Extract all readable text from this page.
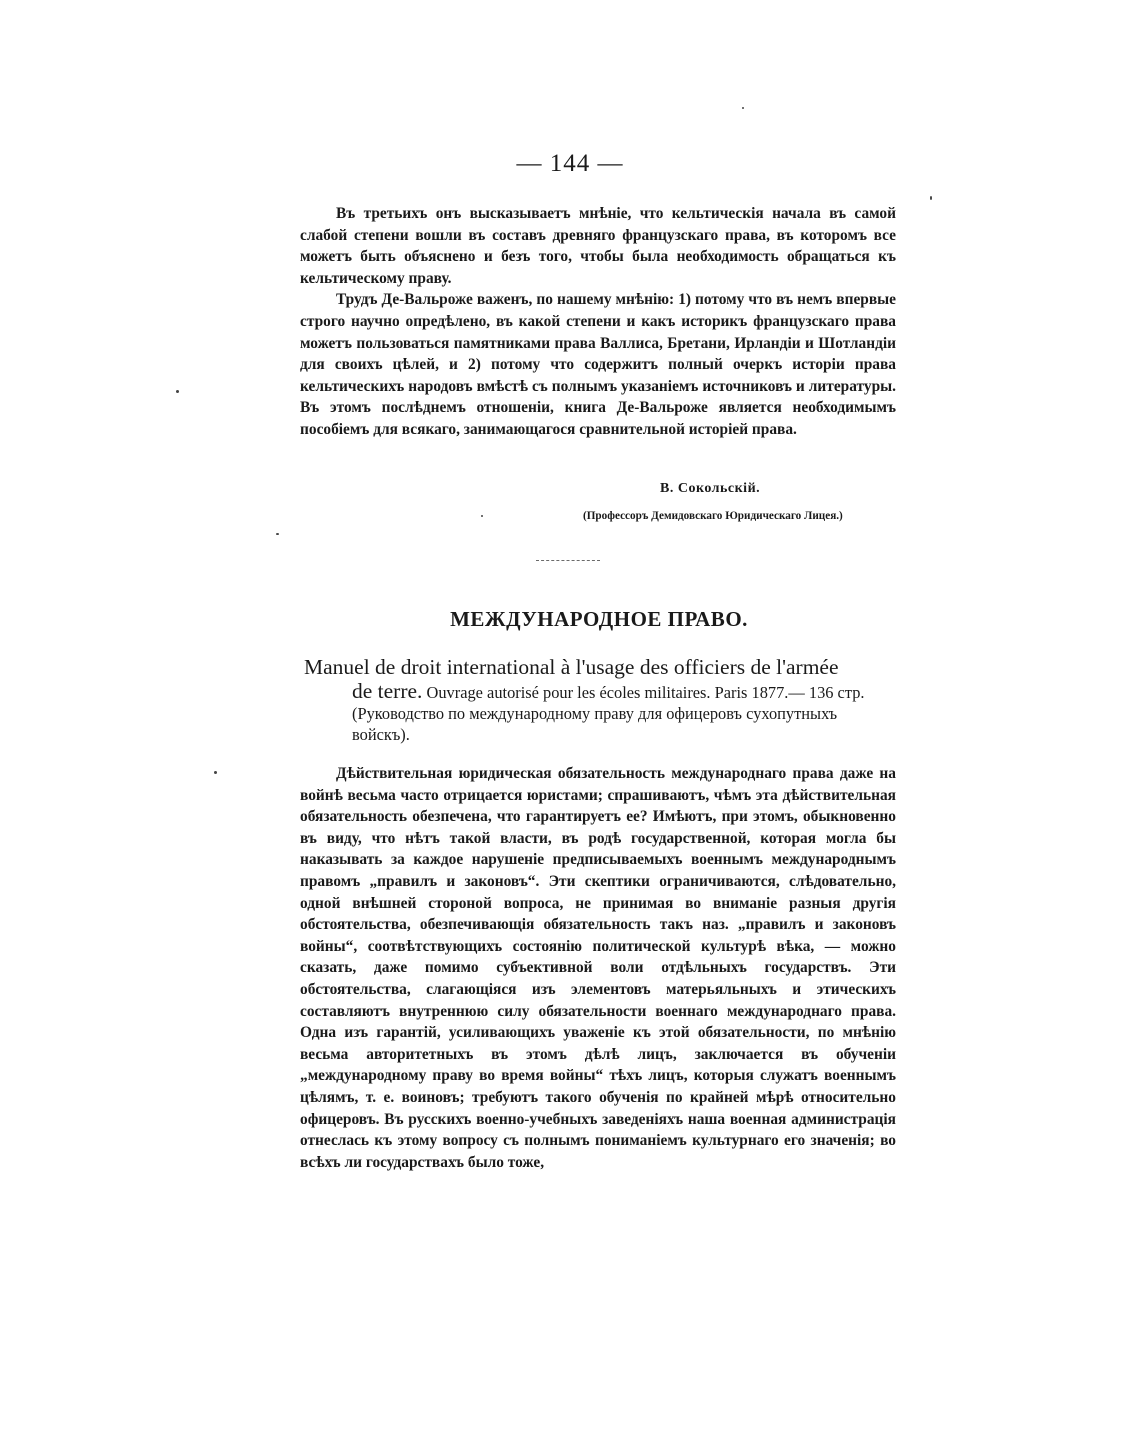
— 144 —

Въ третьихъ онъ высказываетъ мнѣніе, что кельтическія начала въ самой слабой степени вошли въ составъ древняго французскаго права, въ которомъ все можетъ быть объяснено и безъ того, чтобы была необходимость обращаться къ кельтическому праву.

Трудъ Де-Вальроже важенъ, по нашему мнѣнію: 1) потому что въ немъ впервые строго научно опредѣлено, въ какой степени и какъ историкъ французскаго права можетъ пользоваться памятниками права Валлиса, Бретани, Ирландіи и Шотландіи для своихъ цѣлей, и 2) потому что содержитъ полный очеркъ исторіи права кельтическихъ народовъ вмѣстѣ съ полнымъ указаніемъ источниковъ и литературы. Въ этомъ послѣднемъ отношеніи, книга Де-Вальроже является необходимымъ пособіемъ для всякаго, занимающагося сравнительной исторіей права.

В. Сокольскій.
(Профессоръ Демидовскаго Юридическаго Лицея.)
МЕЖДУНАРОДНОЕ ПРАВО.
Manuel de droit international à l'usage des officiers de l'armée
de terre. Ouvrage autorisé pour les écoles militaires. Paris 1877.— 136 стр. (Руководство по международному праву для офицеровъ сухопутныхъ войскъ).

Дѣйствительная юридическая обязательность международнаго права даже на войнѣ весьма часто отрицается юристами; спрашиваютъ, чѣмъ эта дѣйствительная обязательность обезпечена, что гарантируетъ ее? Имѣютъ, при этомъ, обыкновенно въ виду, что нѣтъ такой власти, въ родѣ государственной, которая могла бы наказывать за каждое нарушеніе предписываемыхъ военнымъ международнымъ правомъ „правилъ и законовъ“. Эти скептики ограничиваются, слѣдовательно, одной внѣшней стороной вопроса, не принимая во вниманіе разныя другія обстоятельства, обезпечивающія обязательность такъ наз. „правилъ и законовъ войны“, соотвѣтствующихъ состоянію политической культурѣ вѣка, — можно сказать, даже помимо субъективной воли отдѣльныхъ государствъ. Эти обстоятельства, слагающіяся изъ элементовъ матерьяльныхъ и этическихъ составляютъ внутреннюю силу обязательности военнаго международнаго права. Одна изъ гарантій, усиливающихъ уваженіе къ этой обязательности, по мнѣнію весьма авторитетныхъ въ этомъ дѣлѣ лицъ, заключается въ обученіи „международному праву во время войны“ тѣхъ лицъ, которыя служатъ военнымъ цѣлямъ, т. е. воиновъ; требуютъ такого обученія по крайней мѣрѣ относительно офицеровъ. Въ русскихъ военно-учебныхъ заведеніяхъ наша военная администрація отнеслась къ этому вопросу съ полнымъ пониманіемъ культурнаго его значенія; во всѣхъ ли государствахъ было тоже,
